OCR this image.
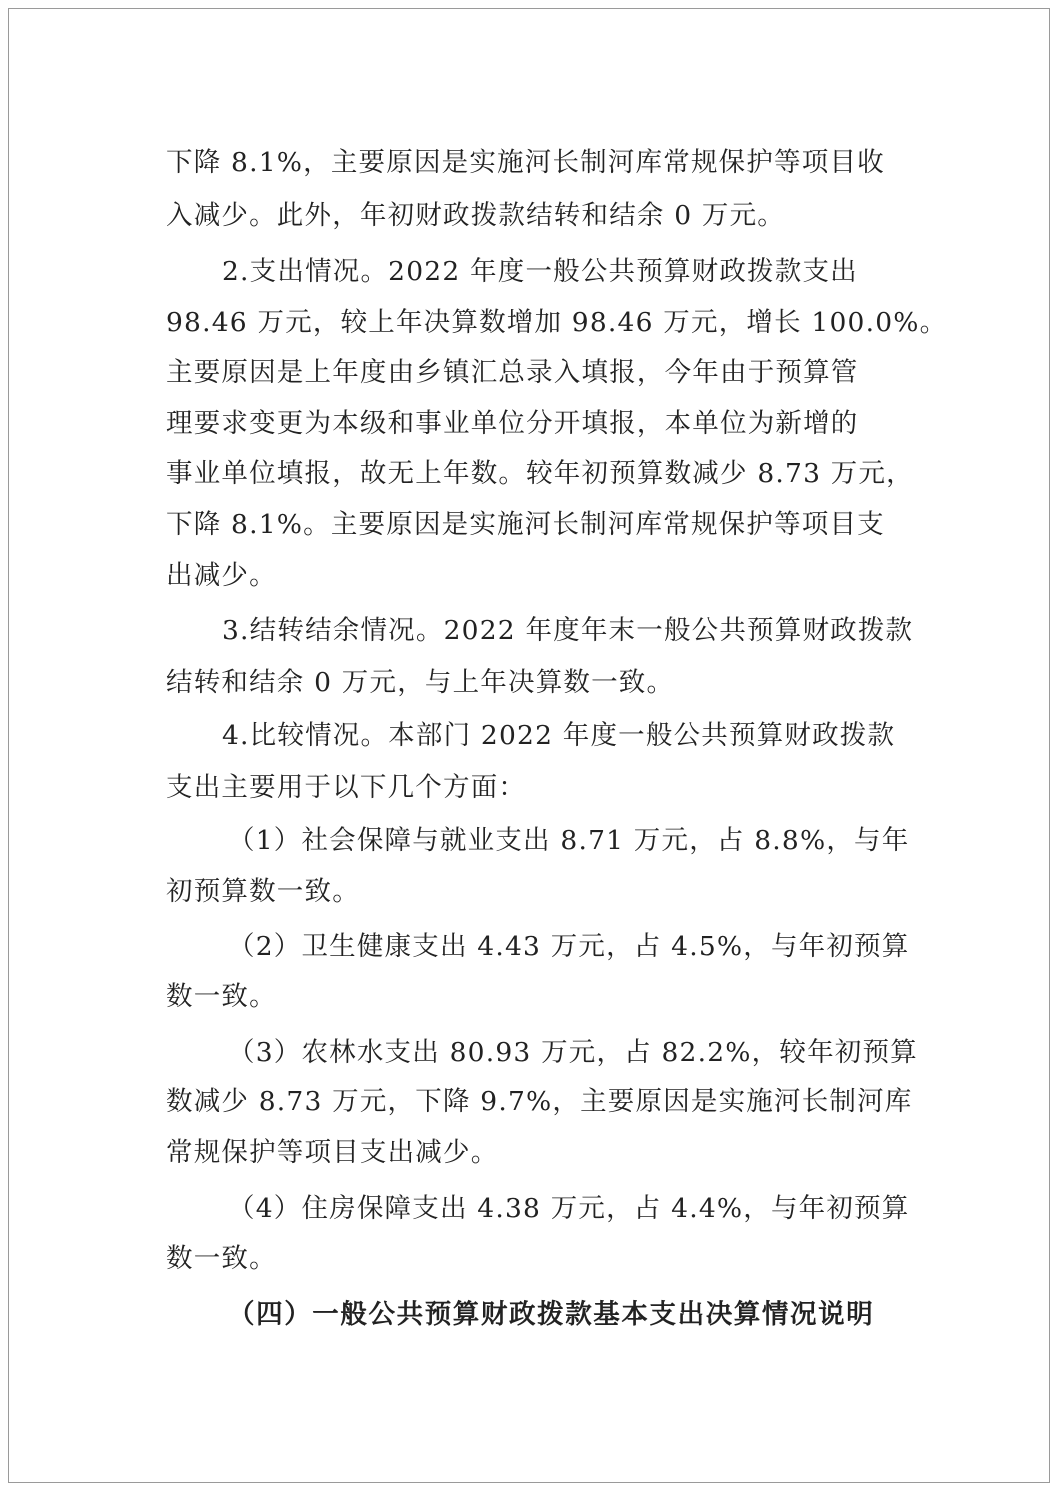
下降 8.1%，主要原因是实施河长制河库常规保护等项目收
入减少。此外，年初财政拨款结转和结余 0 万元。
2.支出情况。2022 年度一般公共预算财政拨款支出
98.46 万元，较上年决算数增加 98.46 万元，增长 100.0%。
主要原因是上年度由乡镇汇总录入填报，今年由于预算管
理要求变更为本级和事业单位分开填报，本单位为新增的
事业单位填报，故无上年数。较年初预算数减少 8.73 万元，
下降 8.1%。主要原因是实施河长制河库常规保护等项目支
出减少。
3.结转结余情况。2022 年度年末一般公共预算财政拨款
结转和结余 0 万元，与上年决算数一致。
4.比较情况。本部门 2022 年度一般公共预算财政拨款
支出主要用于以下几个方面：
（1）社会保障与就业支出 8.71 万元，占 8.8%，与年
初预算数一致。
（2）卫生健康支出 4.43 万元，占 4.5%，与年初预算
数一致。
（3）农林水支出 80.93 万元，占 82.2%，较年初预算
数减少 8.73 万元，下降 9.7%，主要原因是实施河长制河库
常规保护等项目支出减少。
（4）住房保障支出 4.38 万元，占 4.4%，与年初预算
数一致。
（四）一般公共预算财政拨款基本支出决算情况说明
